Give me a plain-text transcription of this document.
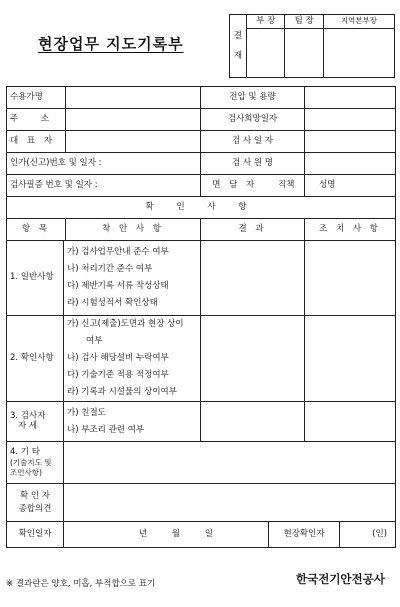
현장업무 지도기록부	결
재	부 장	팀 장	지역본부장

수용가명			전압 및 용량			
주 소			검사희망일자			
대 표 자			검 사 일 자			
인가(신고)번호 및 일자 :			검 사 원 명			
검사필증 번호 및 일자 :			면 담 자	직책	성명	
확 인 사 항						
항 목		착 안 사 항	결 과		조 치 사 항	
1. 일반사항	가) 검사업무안내 준수 여부
나) 처리기간 준수 여부
다) 제반기록 서류 작성상태
라) 시험성적서 확인상태					

2. 확인사항	가) 신고(제출)도면과 현장 상이
여부
나) 검사 해당설비 누락여부
다) 기술기준 적용 적정여부
라) 기록과 시설물의 상이여부					

3. 검사자
자 세	가) 친절도
나) 부조리 관련 여부					

4. 기 타
(기술지도 및
조언사항)						
확 인 자
종합의견						
확인일자	년 월 일			현장확인자		(인)
※ 결과란은 양호, 미흡, 부적합으로 표기	한국전기안전공사
